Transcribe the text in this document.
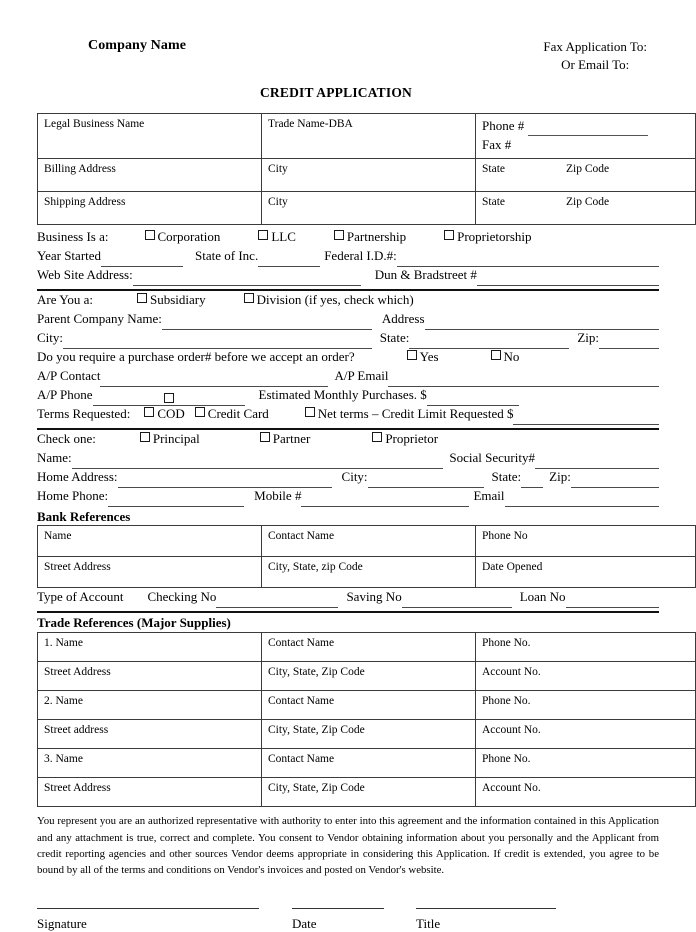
Company Name	Fax Application To:
Or Email To:
CREDIT APPLICATION
Legal Business Name	Trade Name-DBA	Phone #
Fax #

Billing Address	City	State Zip Code

Shipping Address	City	State Zip Code
Business Is a:	Corporation	LLC	Partnership	Proprietorship
Year Started	State of Inc.	Federal I.D.#:
Web Site Address:	Dun & Bradstreet #
Are You a:	Subsidiary	Division (if yes, check which)
Parent Company Name:	Address
City:	State:	Zip:
Do you require a purchase order# before we accept an order?	Yes	No
A/P Contact	A/P Email
A/P Phone	Estimated Monthly Purchases. $
Terms Requested: COD Credit Card	Net terms – Credit Limit Requested $
Check one:	Principal	Partner	Proprietor
Name:	Social Security#
Home Address:	City:	State: Zip:
Home Phone:	Mobile #	Email
Bank References
Name	Contact Name	Phone No
Street Address	City, State, zip Code	Date Opened
Type of Account Checking No	Saving No	Loan No
Trade References (Major Supplies)
1. Name	Contact Name	Phone No.
Street Address	City, State, Zip Code	Account No.
2. Name	Contact Name	Phone No.
Street address	City, State, Zip Code	Account No.
3. Name	Contact Name	Phone No.
Street Address	City, State, Zip Code	Account No.
You represent you are an authorized representative with authority to enter into this agreement and the information contained in this Application and any attachment is true, correct and complete. You consent to Vendor obtaining information about you personally and the Applicant from credit reporting agencies and other sources Vendor deems appropriate in considering this Application. If credit is extended, you agree to be bound by all of the terms and conditions on Vendor's invoices and posted on Vendor's website.
Signature	Date	Title
